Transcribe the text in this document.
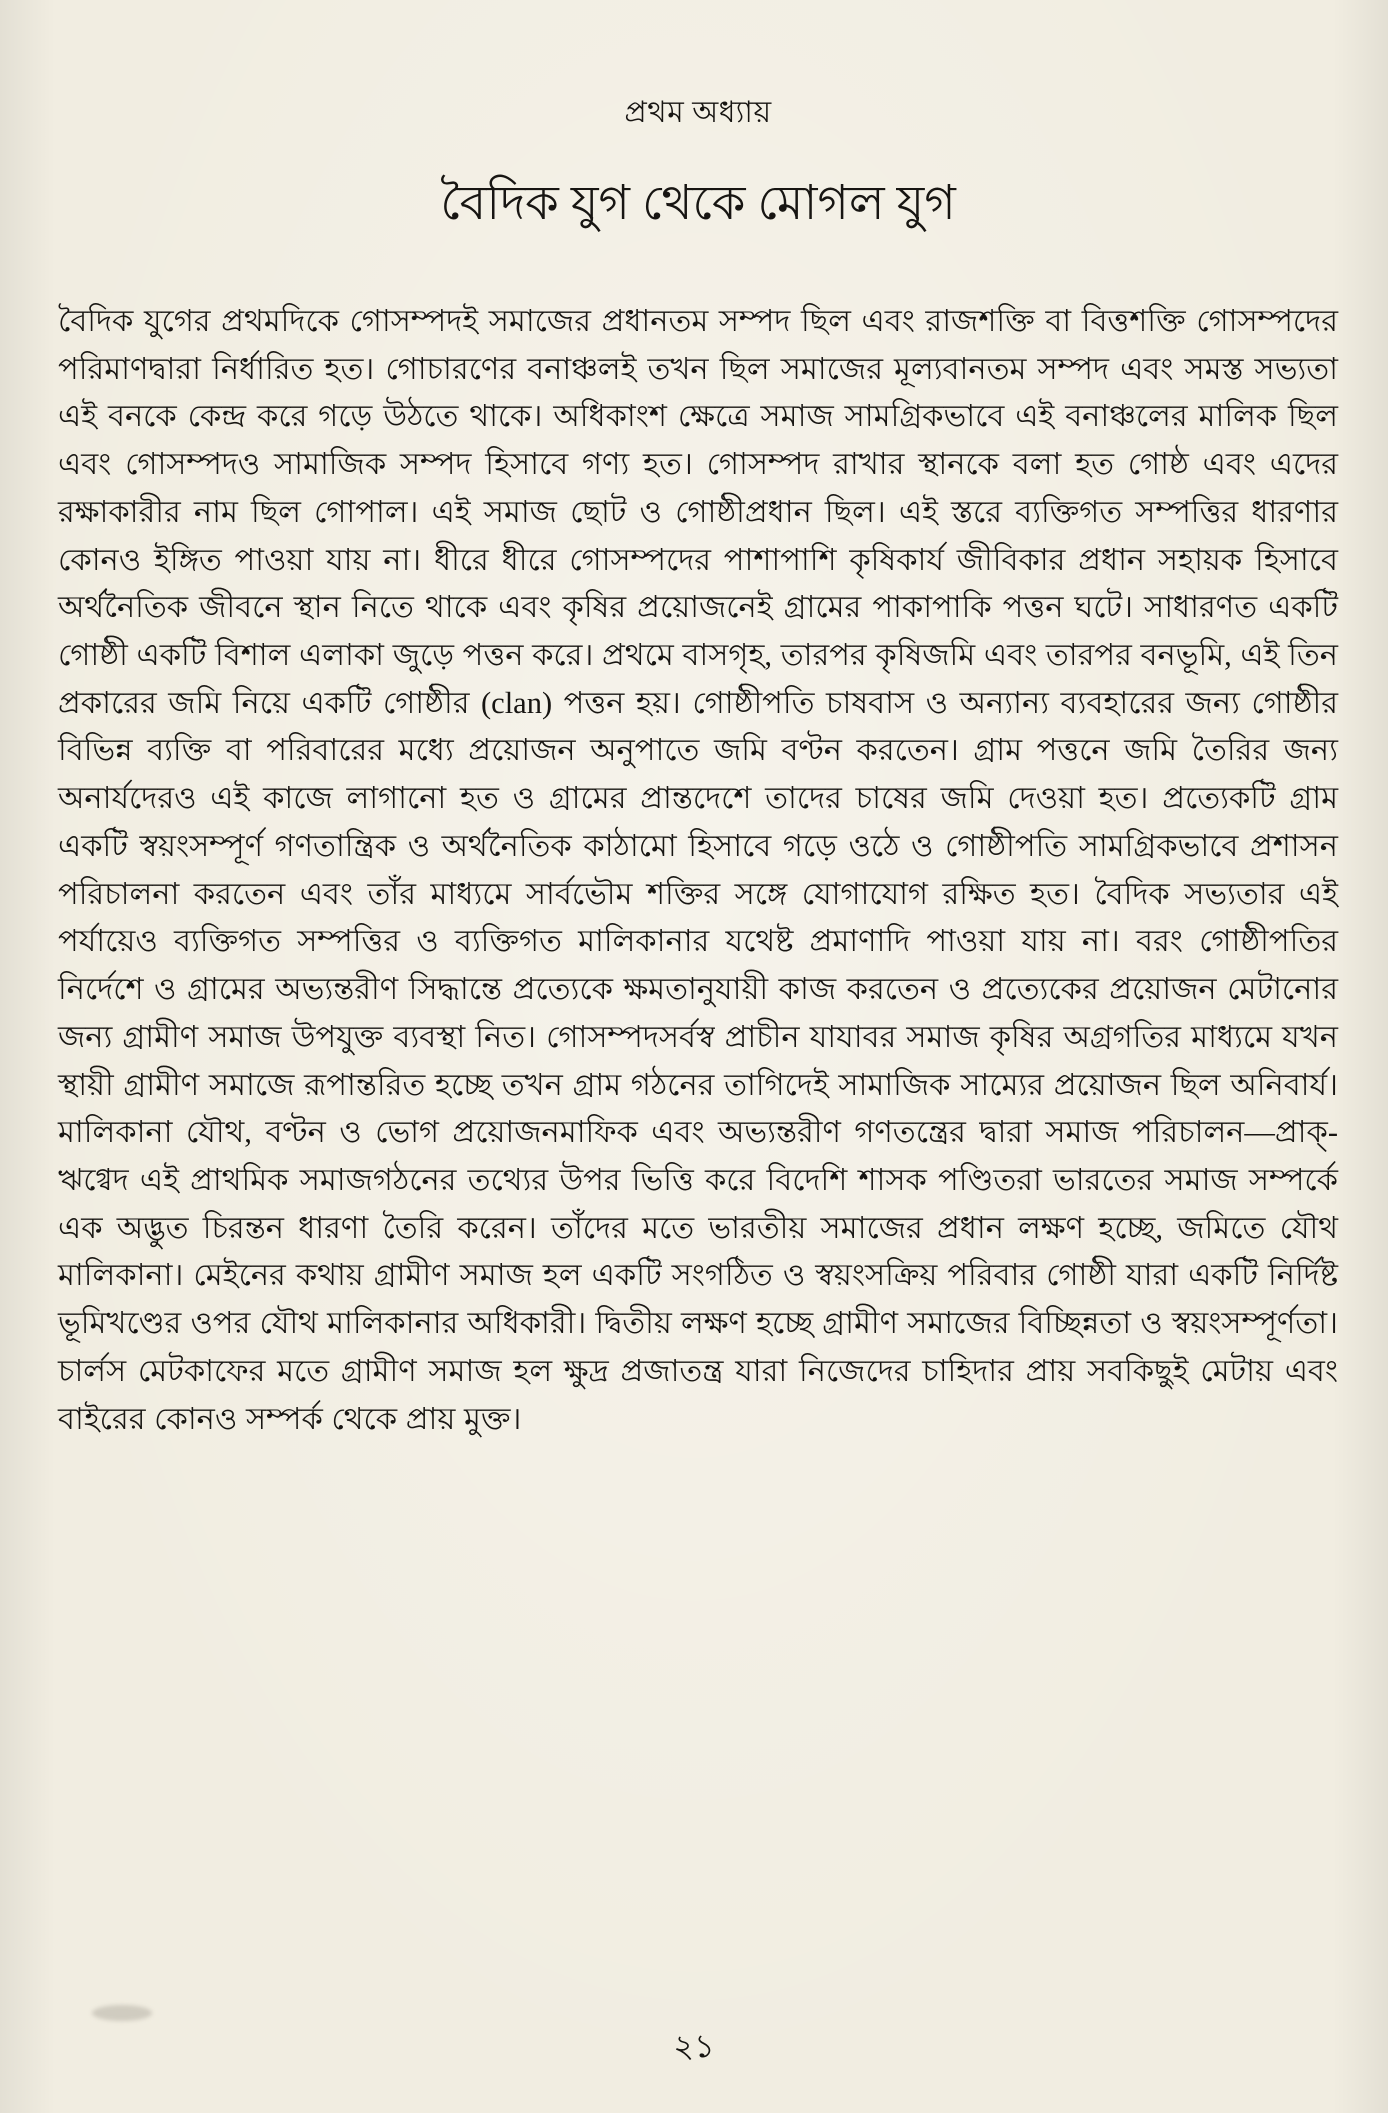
প্রথম অধ্যায়
বৈদিক যুগ থেকে মোগল যুগ

বৈদিক যুগের প্রথমদিকে গোসম্পদই সমাজের প্রধানতম সম্পদ ছিল এবং রাজশক্তি বা বিত্তশক্তি গোসম্পদের পরিমাণদ্বারা নির্ধারিত হত। গোচারণের বনাঞ্চলই তখন ছিল সমাজের মূল্যবানতম সম্পদ এবং সমস্ত সভ্যতা এই বনকে কেন্দ্র করে গড়ে উঠতে থাকে। অধিকাংশ ক্ষেত্রে সমাজ সামগ্রিকভাবে এই বনাঞ্চলের মালিক ছিল এবং গোসম্পদও সামাজিক সম্পদ হিসাবে গণ্য হত। গোসম্পদ রাখার স্থানকে বলা হত গোষ্ঠ এবং এদের রক্ষাকারীর নাম ছিল গোপাল। এই সমাজ ছোট ও গোষ্ঠীপ্রধান ছিল। এই স্তরে ব্যক্তিগত সম্পত্তির ধারণার কোনও ইঙ্গিত পাওয়া যায় না। ধীরে ধীরে গোসম্পদের পাশাপাশি কৃষিকার্য জীবিকার প্রধান সহায়ক হিসাবে অর্থনৈতিক জীবনে স্থান নিতে থাকে এবং কৃষির প্রয়োজনেই গ্রামের পাকাপাকি পত্তন ঘটে। সাধারণত একটি গোষ্ঠী একটি বিশাল এলাকা জুড়ে পত্তন করে। প্রথমে বাসগৃহ, তারপর কৃষিজমি এবং তারপর বনভূমি, এই তিন প্রকারের জমি নিয়ে একটি গোষ্ঠীর (clan) পত্তন হয়। গোষ্ঠীপতি চাষবাস ও অন্যান্য ব্যবহারের জন্য গোষ্ঠীর বিভিন্ন ব্যক্তি বা পরিবারের মধ্যে প্রয়োজন অনুপাতে জমি বণ্টন করতেন। গ্রাম পত্তনে জমি তৈরির জন্য অনার্যদেরও এই কাজে লাগানো হত ও গ্রামের প্রান্তদেশে তাদের চাষের জমি দেওয়া হত। প্রত্যেকটি গ্রাম একটি স্বয়ংসম্পূর্ণ গণতান্ত্রিক ও অর্থনৈতিক কাঠামো হিসাবে গড়ে ওঠে ও গোষ্ঠীপতি সামগ্রিকভাবে প্রশাসন পরিচালনা করতেন এবং তাঁর মাধ্যমে সার্বভৌম শক্তির সঙ্গে যোগাযোগ রক্ষিত হত। বৈদিক সভ্যতার এই পর্যায়েও ব্যক্তিগত সম্পত্তির ও ব্যক্তিগত মালিকানার যথেষ্ট প্রমাণাদি পাওয়া যায় না। বরং গোষ্ঠীপতির নির্দেশে ও গ্রামের অভ্যন্তরীণ সিদ্ধান্তে প্রত্যেকে ক্ষমতানুযায়ী কাজ করতেন ও প্রত্যেকের প্রয়োজন মেটানোর জন্য গ্রামীণ সমাজ উপযুক্ত ব্যবস্থা নিত। গোসম্পদসর্বস্ব প্রাচীন যাযাবর সমাজ কৃষির অগ্রগতির মাধ্যমে যখন স্থায়ী গ্রামীণ সমাজে রূপান্তরিত হচ্ছে তখন গ্রাম গঠনের তাগিদেই সামাজিক সাম্যের প্রয়োজন ছিল অনিবার্য। মালিকানা যৌথ, বণ্টন ও ভোগ প্রয়োজনমাফিক এবং অভ্যন্তরীণ গণতন্ত্রের দ্বারা সমাজ পরিচালন—প্রাক্-ঋগ্বেদ এই প্রাথমিক সমাজগঠনের তথ্যের উপর ভিত্তি করে বিদেশি শাসক পণ্ডিতরা ভারতের সমাজ সম্পর্কে এক অদ্ভুত চিরন্তন ধারণা তৈরি করেন। তাঁদের মতে ভারতীয় সমাজের প্রধান লক্ষণ হচ্ছে, জমিতে যৌথ মালিকানা। মেইনের কথায় গ্রামীণ সমাজ হল একটি সংগঠিত ও স্বয়ংসক্রিয় পরিবার গোষ্ঠী যারা একটি নির্দিষ্ট ভূমিখণ্ডের ওপর যৌথ মালিকানার অধিকারী। দ্বিতীয় লক্ষণ হচ্ছে গ্রামীণ সমাজের বিচ্ছিন্নতা ও স্বয়ংসম্পূর্ণতা। চার্লস মেটকাফের মতে গ্রামীণ সমাজ হল ক্ষুদ্র প্রজাতন্ত্র যারা নিজেদের চাহিদার প্রায় সবকিছুই মেটায় এবং বাইরের কোনও সম্পর্ক থেকে প্রায় মুক্ত।

২১
